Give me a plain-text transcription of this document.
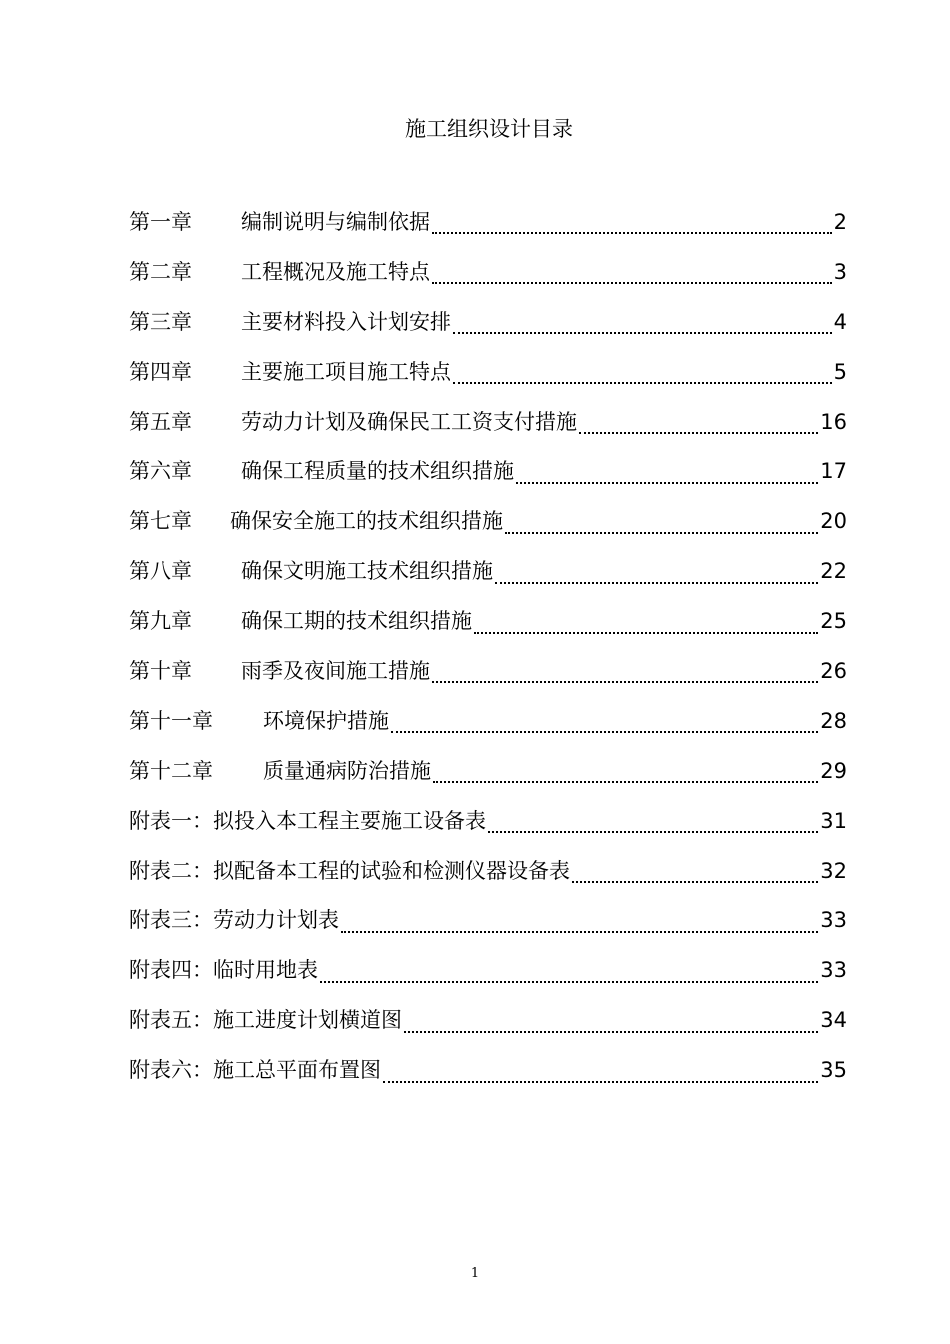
施工组织设计目录
第一章	编制说明与编制依据	2
第二章	工程概况及施工特点	3
第三章	主要材料投入计划安排	4
第四章	主要施工项目施工特点	5
第五章	劳动力计划及确保民工工资支付措施	16
第六章	确保工程质量的技术组织措施	17
第七章	确保安全施工的技术组织措施	20
第八章	确保文明施工技术组织措施	22
第九章	确保工期的技术组织措施	25
第十章	雨季及夜间施工措施	26
第十一章	环境保护措施	28
第十二章	质量通病防治措施	29
附表一： 拟投入本工程主要施工设备表	31
附表二： 拟配备本工程的试验和检测仪器设备表	32
附表三： 劳动力计划表	33
附表四： 临时用地表	33
附表五： 施工进度计划横道图	34
附表六： 施工总平面布置图	35
1
